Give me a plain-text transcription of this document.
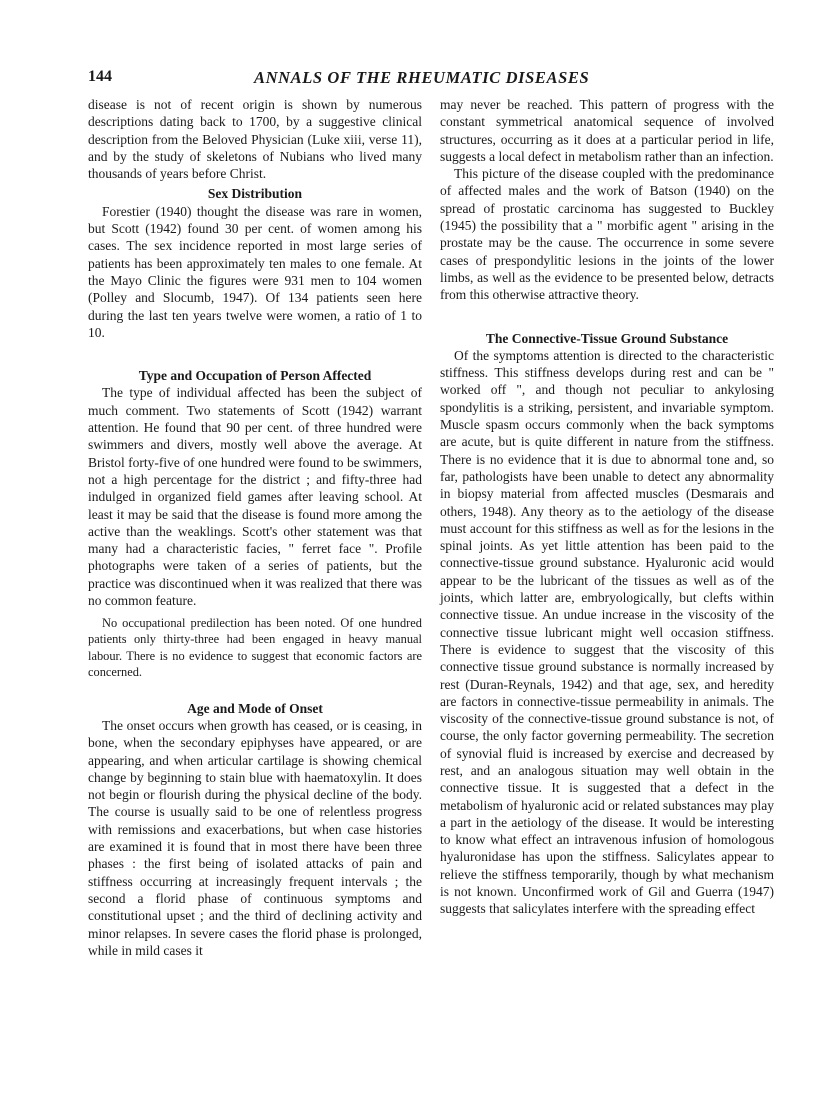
144	ANNALS OF THE RHEUMATIC DISEASES

disease is not of recent origin is shown by numerous descriptions dating back to 1700, by a suggestive clinical description from the Beloved Physician (Luke xiii, verse 11), and by the study of skeletons of Nubians who lived many thousands of years before Christ.

Sex Distribution

Forestier (1940) thought the disease was rare in women, but Scott (1942) found 30 per cent. of women among his cases. The sex incidence reported in most large series of patients has been approximately ten males to one female. At the Mayo Clinic the figures were 931 men to 104 women (Polley and Slocumb, 1947). Of 134 patients seen here during the last ten years twelve were women, a ratio of 1 to 10.

Type and Occupation of Person Affected

The type of individual affected has been the subject of much comment. Two statements of Scott (1942) warrant attention. He found that 90 per cent. of three hundred were swimmers and divers, mostly well above the average. At Bristol forty-five of one hundred were found to be swimmers, not a high percentage for the district ; and fifty-three had indulged in organized field games after leaving school. At least it may be said that the disease is found more among the active than the weaklings. Scott's other statement was that many had a characteristic facies, " ferret face ". Profile photographs were taken of a series of patients, but the practice was discontinued when it was realized that there was no common feature.

No occupational predilection has been noted. Of one hundred patients only thirty-three had been engaged in heavy manual labour. There is no evidence to suggest that economic factors are concerned.

Age and Mode of Onset

The onset occurs when growth has ceased, or is ceasing, in bone, when the secondary epiphyses have appeared, or are appearing, and when articular cartilage is showing chemical change by beginning to stain blue with haematoxylin. It does not begin or flourish during the physical decline of the body. The course is usually said to be one of relentless progress with remissions and exacerbations, but when case histories are examined it is found that in most there have been three phases : the first being of isolated attacks of pain and stiffness occurring at increasingly frequent intervals ; the second a florid phase of continuous symptoms and constitutional upset ; and the third of declining activity and minor relapses. In severe cases the florid phase is prolonged, while in mild cases it

may never be reached. This pattern of progress with the constant symmetrical anatomical sequence of involved structures, occurring as it does at a particular period in life, suggests a local defect in metabolism rather than an infection.

This picture of the disease coupled with the predominance of affected males and the work of Batson (1940) on the spread of prostatic carcinoma has suggested to Buckley (1945) the possibility that a " morbific agent " arising in the prostate may be the cause. The occurrence in some severe cases of prespondylitic lesions in the joints of the lower limbs, as well as the evidence to be presented below, detracts from this otherwise attractive theory.

The Connective-Tissue Ground Substance

Of the symptoms attention is directed to the characteristic stiffness. This stiffness develops during rest and can be " worked off ", and though not peculiar to ankylosing spondylitis is a striking, persistent, and invariable symptom. Muscle spasm occurs commonly when the back symptoms are acute, but is quite different in nature from the stiffness. There is no evidence that it is due to abnormal tone and, so far, pathologists have been unable to detect any abnormality in biopsy material from affected muscles (Desmarais and others, 1948). Any theory as to the aetiology of the disease must account for this stiffness as well as for the lesions in the spinal joints. As yet little attention has been paid to the connective-tissue ground substance. Hyaluronic acid would appear to be the lubricant of the tissues as well as of the joints, which latter are, embryologically, but clefts within connective tissue. An undue increase in the viscosity of the connective tissue lubricant might well occasion stiffness. There is evidence to suggest that the viscosity of this connective tissue ground substance is normally increased by rest (Duran-Reynals, 1942) and that age, sex, and heredity are factors in connective-tissue permeability in animals. The viscosity of the connective-tissue ground substance is not, of course, the only factor governing permeability. The secretion of synovial fluid is increased by exercise and decreased by rest, and an analogous situation may well obtain in the connective tissue. It is suggested that a defect in the metabolism of hyaluronic acid or related substances may play a part in the aetiology of the disease. It would be interesting to know what effect an intravenous infusion of homologous hyaluronidase has upon the stiffness. Salicylates appear to relieve the stiffness temporarily, though by what mechanism is not known. Unconfirmed work of Gil and Guerra (1947) suggests that salicylates interfere with the spreading effect
